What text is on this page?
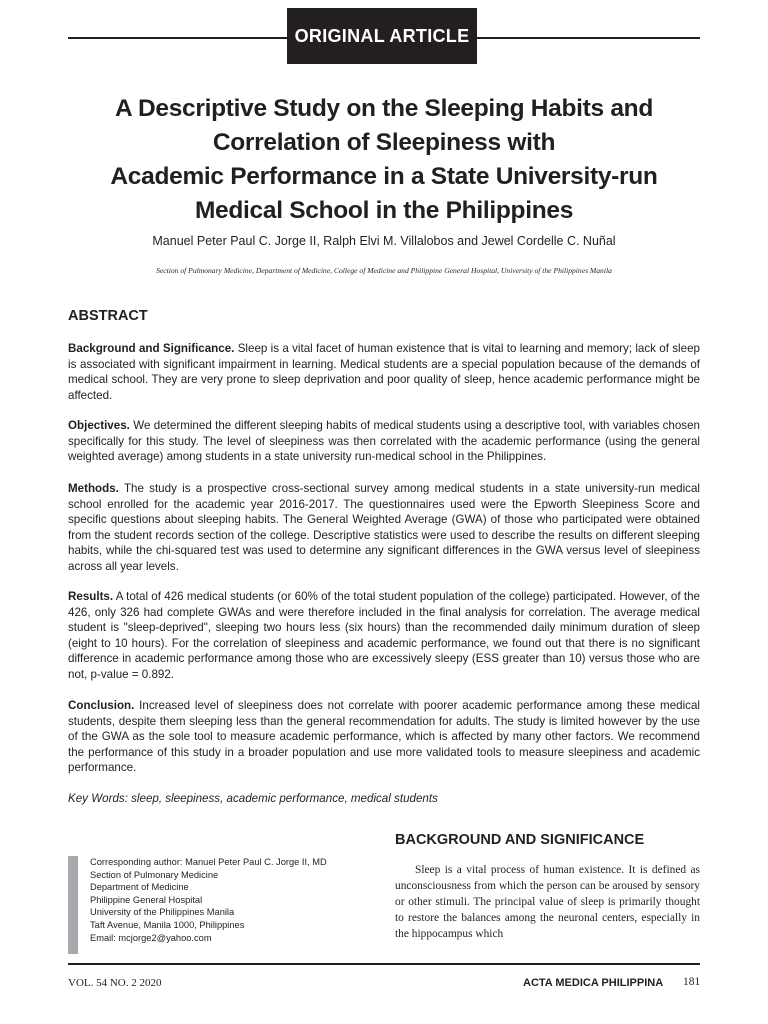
ORIGINAL ARTICLE
A Descriptive Study on the Sleeping Habits and
Correlation of Sleepiness with
Academic Performance in a State University-run
Medical School in the Philippines
Manuel Peter Paul C. Jorge II, Ralph Elvi M. Villalobos and Jewel Cordelle C. Nuñal
Section of Pulmonary Medicine, Department of Medicine, College of Medicine and Philippine General Hospital, University of the Philippines Manila
ABSTRACT

Background and Significance. Sleep is a vital facet of human existence that is vital to learning and memory; lack of sleep is associated with significant impairment in learning. Medical students are a special population because of the demands of medical school. They are very prone to sleep deprivation and poor quality of sleep, hence academic performance might be affected.

Objectives. We determined the different sleeping habits of medical students using a descriptive tool, with variables chosen specifically for this study. The level of sleepiness was then correlated with the academic performance (using the general weighted average) among students in a state university run-medical school in the Philippines.

Methods. The study is a prospective cross-sectional survey among medical students in a state university-run medical school enrolled for the academic year 2016-2017. The questionnaires used were the Epworth Sleepiness Score and specific questions about sleeping habits. The General Weighted Average (GWA) of those who participated were obtained from the student records section of the college. Descriptive statistics were used to describe the results on different sleeping habits, while the chi-squared test was used to determine any significant differences in the GWA versus level of sleepiness across all year levels.

Results. A total of 426 medical students (or 60% of the total student population of the college) participated. However, of the 426, only 326 had complete GWAs and were therefore included in the final analysis for correlation. The average medical student is "sleep-deprived", sleeping two hours less (six hours) than the recommended daily minimum duration of sleep (eight to 10 hours). For the correlation of sleepiness and academic performance, we found out that there is no significant difference in academic performance among those who are excessively sleepy (ESS greater than 10) versus those who are not, p-value = 0.892.

Conclusion. Increased level of sleepiness does not correlate with poorer academic performance among these medical students, despite them sleeping less than the general recommendation for adults. The study is limited however by the use of the GWA as the sole tool to measure academic performance, which is affected by many other factors. We recommend the performance of this study in a broader population and use more validated tools to measure sleepiness and academic performance.

Key Words: sleep, sleepiness, academic performance, medical students
Corresponding author: Manuel Peter Paul C. Jorge II, MD
Section of Pulmonary Medicine
Department of Medicine
Philippine General Hospital
University of the Philippines Manila
Taft Avenue, Manila 1000, Philippines
Email: mcjorge2@yahoo.com
BACKGROUND AND SIGNIFICANCE

Sleep is a vital process of human existence. It is defined as unconsciousness from which the person can be aroused by sensory or other stimuli. The principal value of sleep is primarily thought to restore the balances among the neuronal centers, especially in the hippocampus which

VOL. 54 NO. 2 2020	ACTA MEDICA PHILIPPINA 181
